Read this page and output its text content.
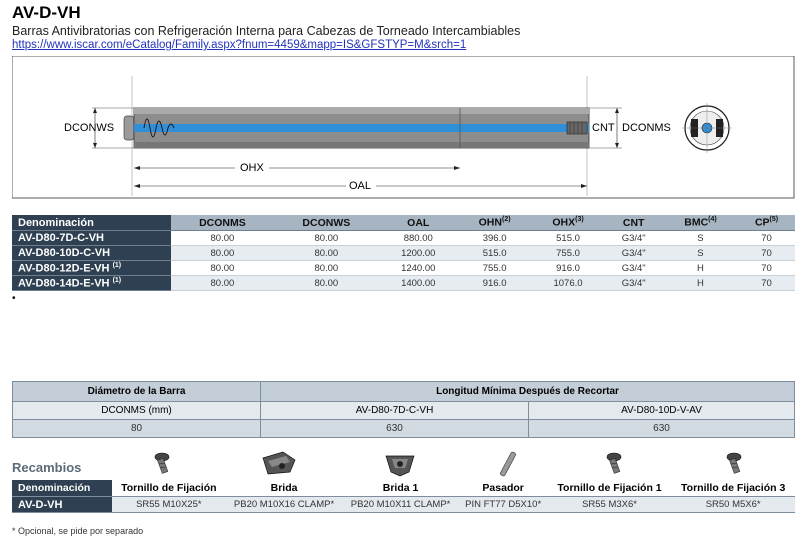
AV-D-VH
Barras Antivibratorias con Refrigeración Interna para Cabezas de Torneado Intercambiables
https://www.iscar.com/eCatalog/Family.aspx?fnum=4459&mapp=IS&GFSTYP=M&srch=1
DCONWS	CNT DCONMS
OHX
OAL
Denominación	DCONMS	DCONWS	OAL	OHN$^{(2)}$	OHX$^{(3)}$	CNT	BMC$^{(4)}$	CP$^{(5)}$
AV-D80-7D-C-VH	80.00	80.00	880.00	396.0	515.0	G3/4"	S	70
AV-D80-10D-C-VH	80.00	80.00	1200.00	515.0	755.0	G3/4"	S	70
AV-D80-12D-E-VH $^{(1)}$	80.00	80.00	1240.00	755.0	916.0	G3/4"	H	70
AV-D80-14D-E-VH $^{(1)}$	80.00	80.00	1400.00	916.0	1076.0	G3/4"	H	70
•
Diámetro de la Barra	Longitud Mínima Después de Recortar	
DCONMS (mm)	AV-D80-7D-C-VH	AV-D80-10D-V-AV
80	630	630
Recambios
Denominación	Tornillo de Fijación	Brida	Brida 1	Pasador	Tornillo de Fijación 1	Tornillo de Fijación 3
AV-D-VH	SR55 M10X25*	PB20 M10X16 CLAMP*	PB20 M10X11 CLAMP*	PIN FT77 D5X10*	SR55 M3X6*	SR50 M5X6*
* Opcional, se pide por separado
